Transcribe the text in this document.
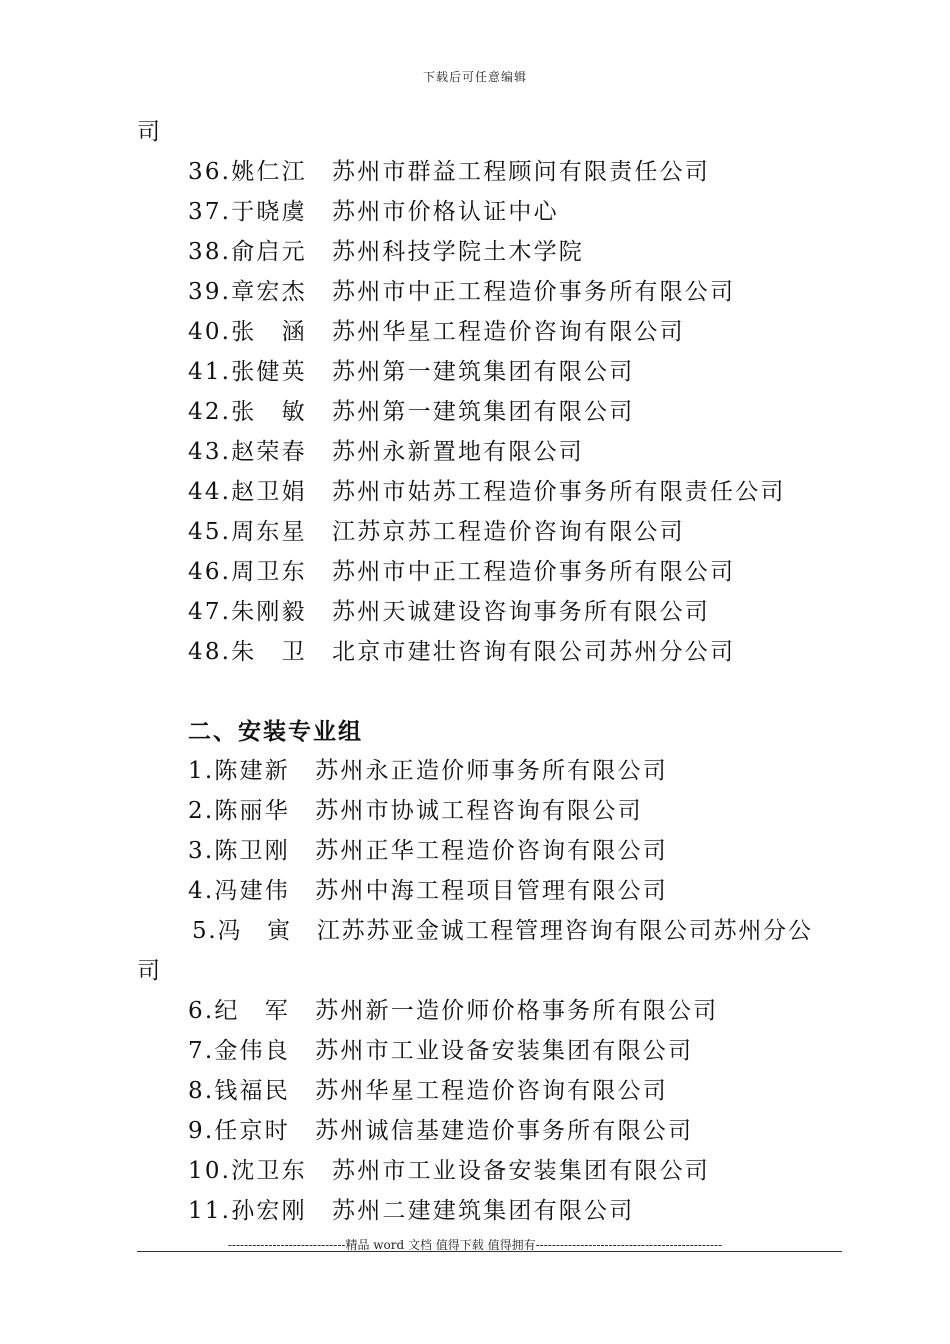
下载后可任意编辑
司
36.姚仁江　 苏州市群益工程顾问有限责任公司
37.于晓虞　 苏州市价格认证中心
38.俞启元　 苏州科技学院土木学院
39.章宏杰　 苏州市中正工程造价事务所有限公司
40.张　涵　 苏州华星工程造价咨询有限公司
41.张健英　 苏州第一建筑集团有限公司
42.张　敏　 苏州第一建筑集团有限公司
43.赵荣春　 苏州永新置地有限公司
44.赵卫娟　 苏州市姑苏工程造价事务所有限责任公司
45.周东星　 江苏京苏工程造价咨询有限公司
46.周卫东　 苏州市中正工程造价事务所有限公司
47.朱刚毅　 苏州天诚建设咨询事务所有限公司
48.朱　卫　 北京市建壮咨询有限公司苏州分公司
二、安装专业组
1.陈建新　 苏州永正造价师事务所有限公司
2.陈丽华　 苏州市协诚工程咨询有限公司
3.陈卫刚　 苏州正华工程造价咨询有限公司
4.冯建伟　 苏州中海工程项目管理有限公司
5.冯　寅　 江苏苏亚金诚工程管理咨询有限公司苏州分公
司
6.纪　军　 苏州新一造价师价格事务所有限公司
7.金伟良　 苏州市工业设备安装集团有限公司
8.钱福民　 苏州华星工程造价咨询有限公司
9.任京时　 苏州诚信基建造价事务所有限公司
10.沈卫东　 苏州市工业设备安装集团有限公司
11.孙宏刚　 苏州二建建筑集团有限公司
-----------------------------精品 word 文档 值得下载 值得拥有----------------------------------------------
